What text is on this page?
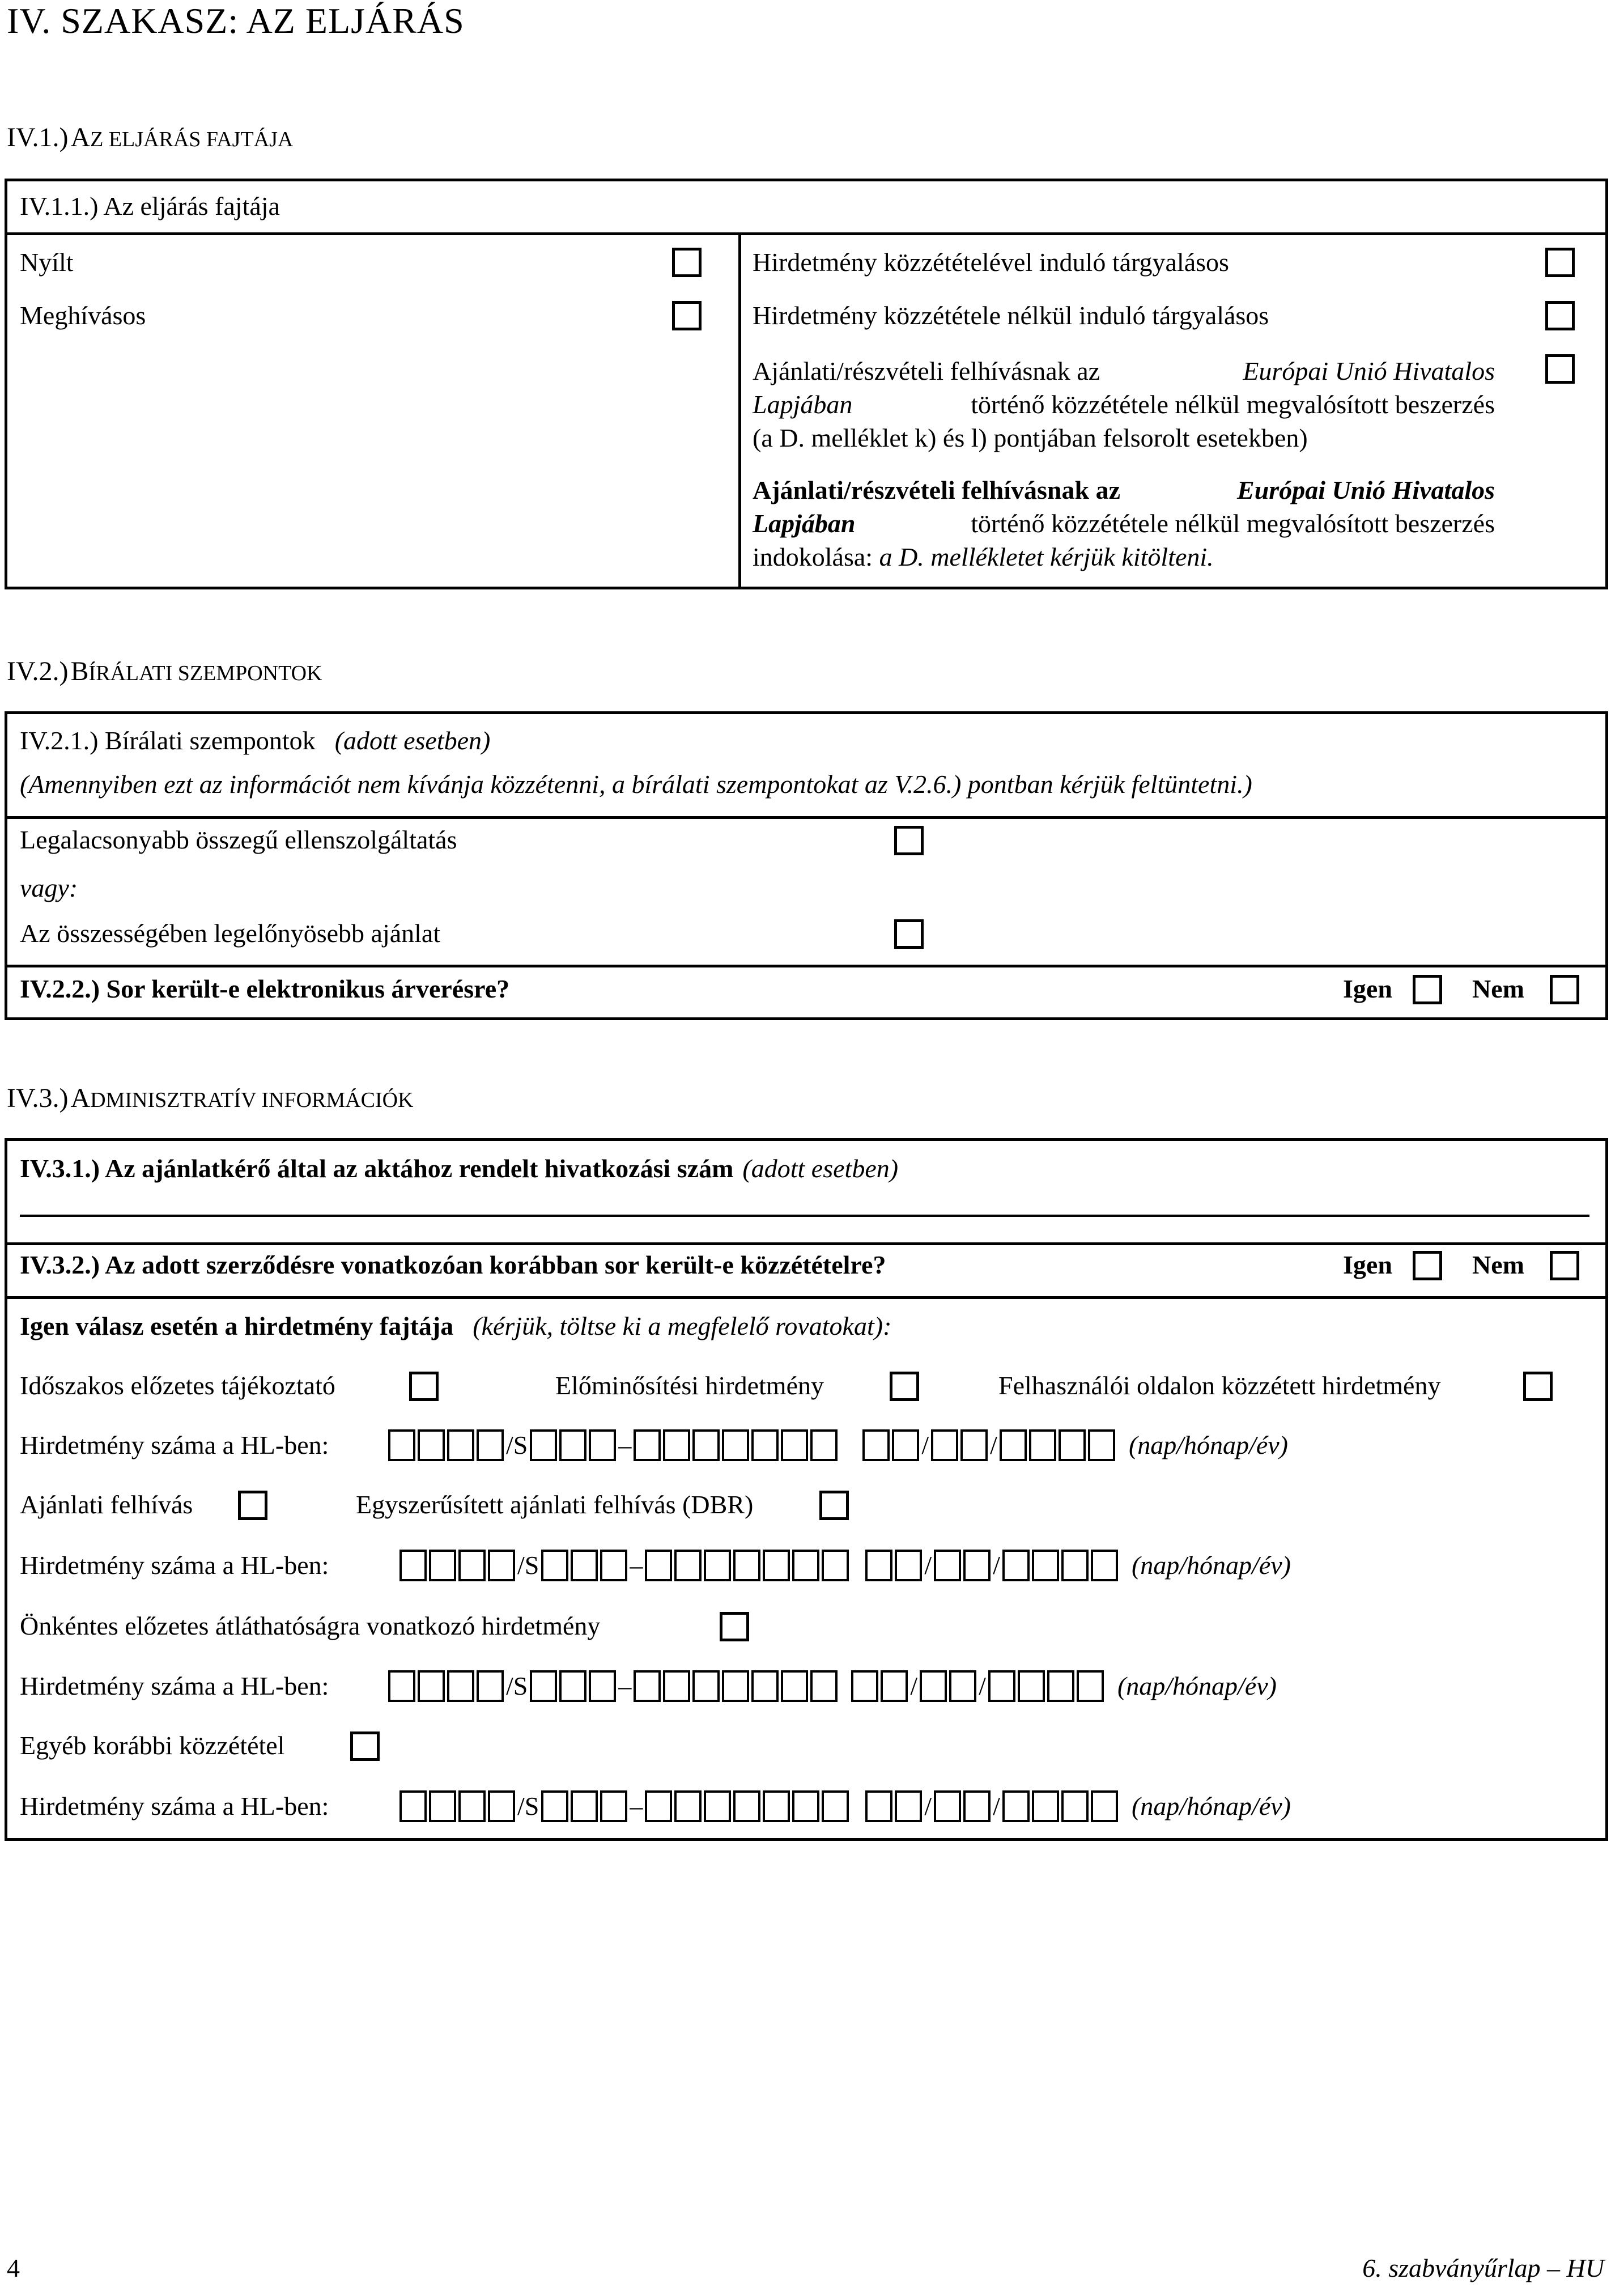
IV. SZAKASZ: AZ ELJÁRÁS
IV.1.) AZ ELJÁRÁS FAJTÁJA
IV.1.1.) Az eljárás fajtája
Nyílt
Meghívásos
Hirdetmény közzétételével induló tárgyalásos
Hirdetmény közzététele nélkül induló tárgyalásos
Ajánlati/részvételi felhívásnak az	Európai Unió Hivatalos
Lapjában	történő közzététele nélkül megvalósított beszerzés
(a D. melléklet k) és l) pontjában felsorolt esetekben)
Ajánlati/részvételi felhívásnak az	Európai Unió Hivatalos
Lapjában	történő közzététele nélkül megvalósított beszerzés
indokolása: a D. mellékletet kérjük kitölteni.
IV.2.) BÍRÁLATI SZEMPONTOK
IV.2.1.) Bírálati szempontok (adott esetben)
(Amennyiben ezt az információt nem kívánja közzétenni, a bírálati szempontokat az V.2.6.) pontban kérjük feltüntetni.)
Legalacsonyabb összegű ellenszolgáltatás
vagy:
Az összességében legelőnyösebb ajánlat
IV.2.2.) Sor került-e elektronikus árverésre?	Igen	Nem
IV.3.) ADMINISZTRATÍV INFORMÁCIÓK
IV.3.1.) Az ajánlatkérő által az aktához rendelt hivatkozási szám (adott esetben)
IV.3.2.) Az adott szerződésre vonatkozóan korábban sor került-e közzétételre?	Igen	Nem
Igen válasz esetén a hirdetmény fajtája (kérjük, töltse ki a megfelelő rovatokat):
Időszakos előzetes tájékoztató	Előminősítési hirdetmény	Felhasználói oldalon közzétett hirdetmény
Hirdetmény száma a HL-ben:	/S	–	/ /	(nap/hónap/év)
Ajánlati felhívás	Egyszerűsített ajánlati felhívás (DBR)
Hirdetmény száma a HL-ben:	/S	–	/ /	(nap/hónap/év)
Önkéntes előzetes átláthatóságra vonatkozó hirdetmény
Hirdetmény száma a HL-ben:	/S	–	/ /	(nap/hónap/év)
Egyéb korábbi közzététel
Hirdetmény száma a HL-ben:	/S	–	/ /	(nap/hónap/év)
4	6. szabványűrlap – HU
